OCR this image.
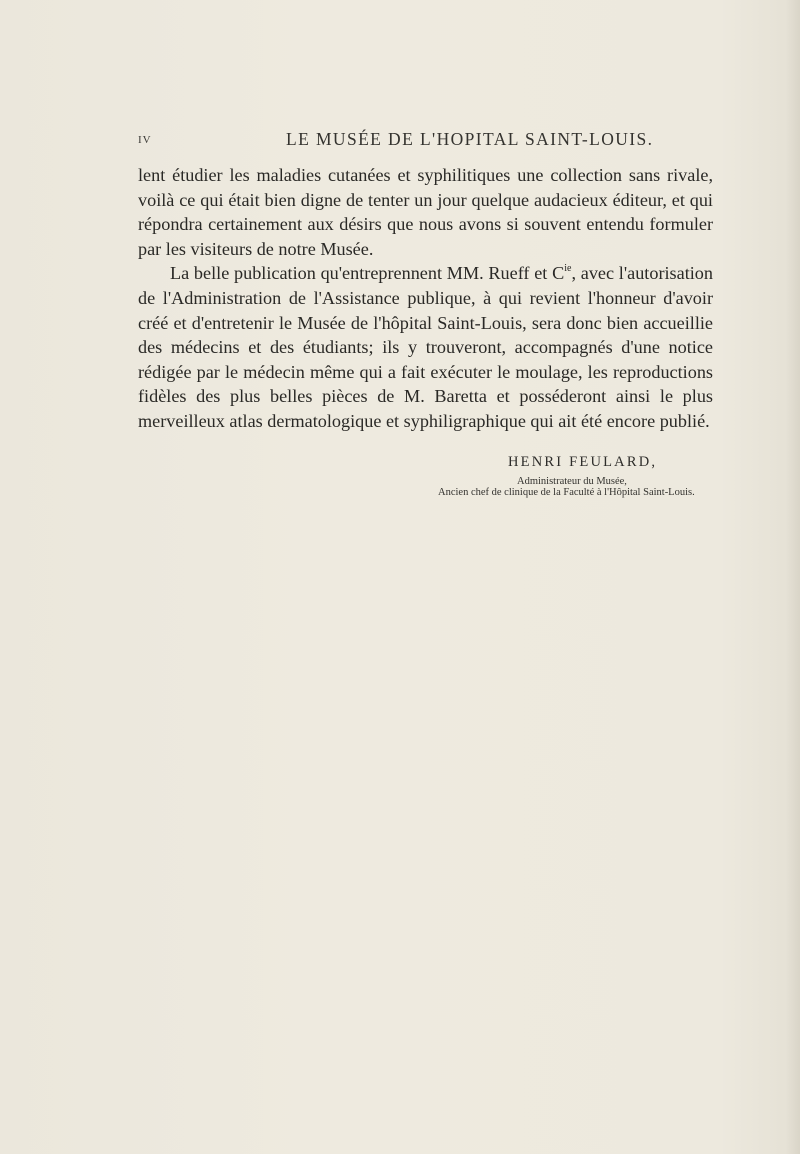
IV	LE MUSÉE DE L'HOPITAL SAINT-LOUIS.

lent étudier les maladies cutanées et syphilitiques une collection sans rivale, voilà ce qui était bien digne de tenter un jour quelque audacieux éditeur, et qui répondra certainement aux désirs que nous avons si souvent entendu formuler par les visiteurs de notre Musée.

La belle publication qu'entreprennent MM. Rueff et $C^{ie}$, avec l'autorisation de l'Administration de l'Assistance publique, à qui revient l'honneur d'avoir créé et d'entretenir le Musée de l'hôpital Saint-Louis, sera donc bien accueillie des médecins et des étudiants; ils y trouveront, accompagnés d'une notice rédigée par le médecin même qui a fait exécuter le moulage, les reproductions fidèles des plus belles pièces de M. Baretta et posséderont ainsi le plus merveilleux atlas dermatologique et syphiligraphique qui ait été encore publié.

HENRI FEULARD,
Administrateur du Musée,
Ancien chef de clinique de la Faculté à l'Hôpital Saint-Louis.
